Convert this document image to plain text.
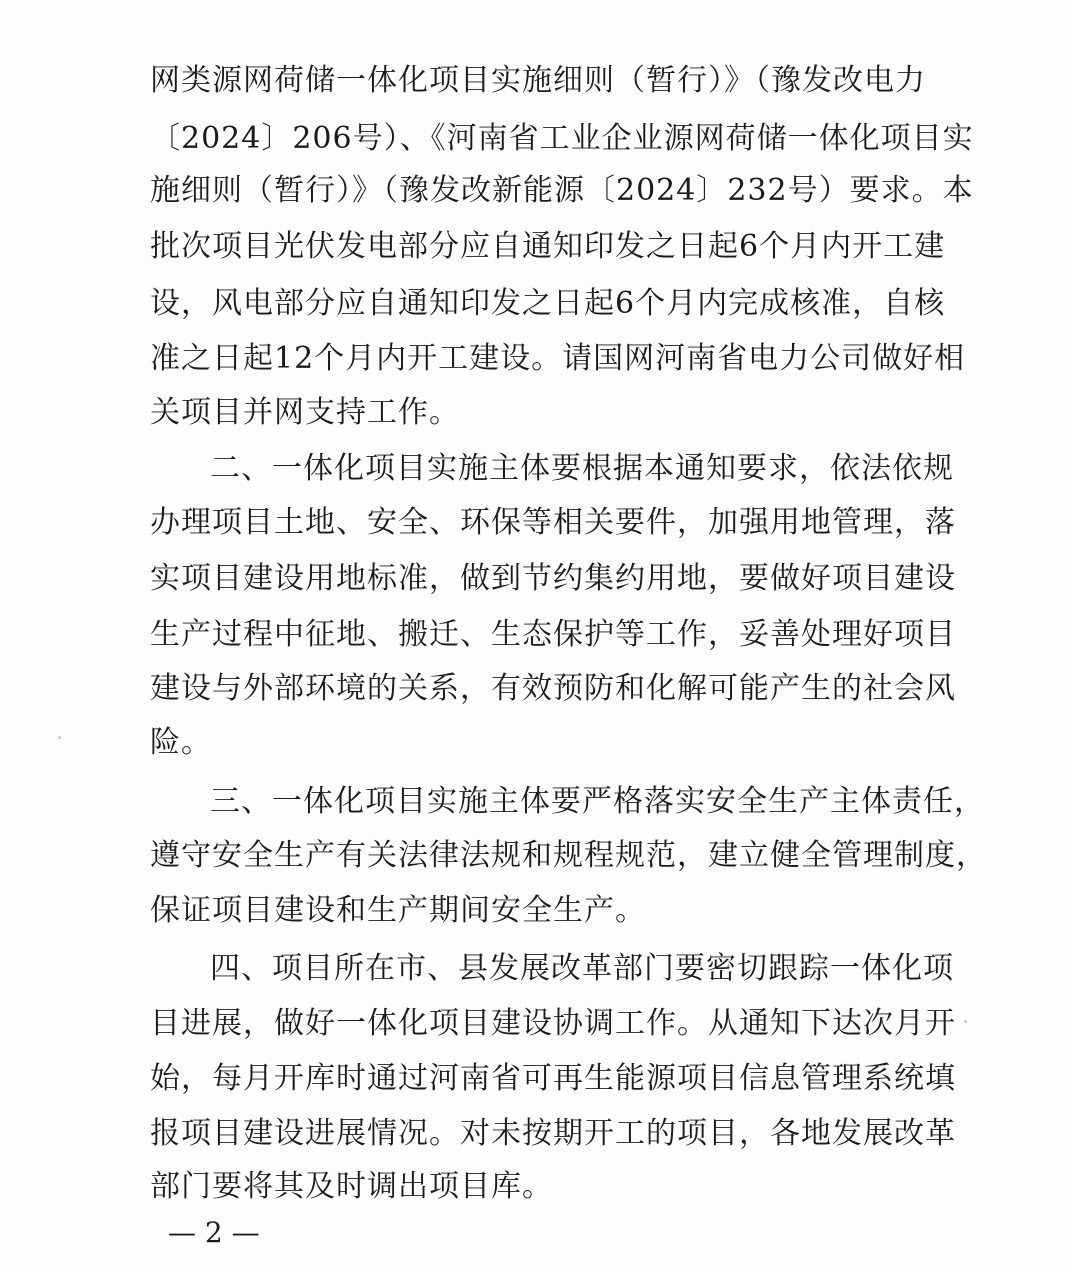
网类源网荷储一体化项目实施细则（暂行）》（豫发改电力
〔2024〕206号）、《河南省工业企业源网荷储一体化项目实
施细则（暂行）》（豫发改新能源〔2024〕232号）要求。本
批次项目光伏发电部分应自通知印发之日起6个月内开工建
设，风电部分应自通知印发之日起6个月内完成核准，自核
准之日起12个月内开工建设。请国网河南省电力公司做好相
关项目并网支持工作。
二、一体化项目实施主体要根据本通知要求，依法依规
办理项目土地、安全、环保等相关要件，加强用地管理，落
实项目建设用地标准，做到节约集约用地，要做好项目建设
生产过程中征地、搬迁、生态保护等工作，妥善处理好项目
建设与外部环境的关系，有效预防和化解可能产生的社会风
险。
三、一体化项目实施主体要严格落实安全生产主体责任，
遵守安全生产有关法律法规和规程规范，建立健全管理制度，
保证项目建设和生产期间安全生产。
四、项目所在市、县发展改革部门要密切跟踪一体化项
目进展，做好一体化项目建设协调工作。从通知下达次月开
始，每月开库时通过河南省可再生能源项目信息管理系统填
报项目建设进展情况。对未按期开工的项目，各地发展改革
部门要将其及时调出项目库。
— 2 —
